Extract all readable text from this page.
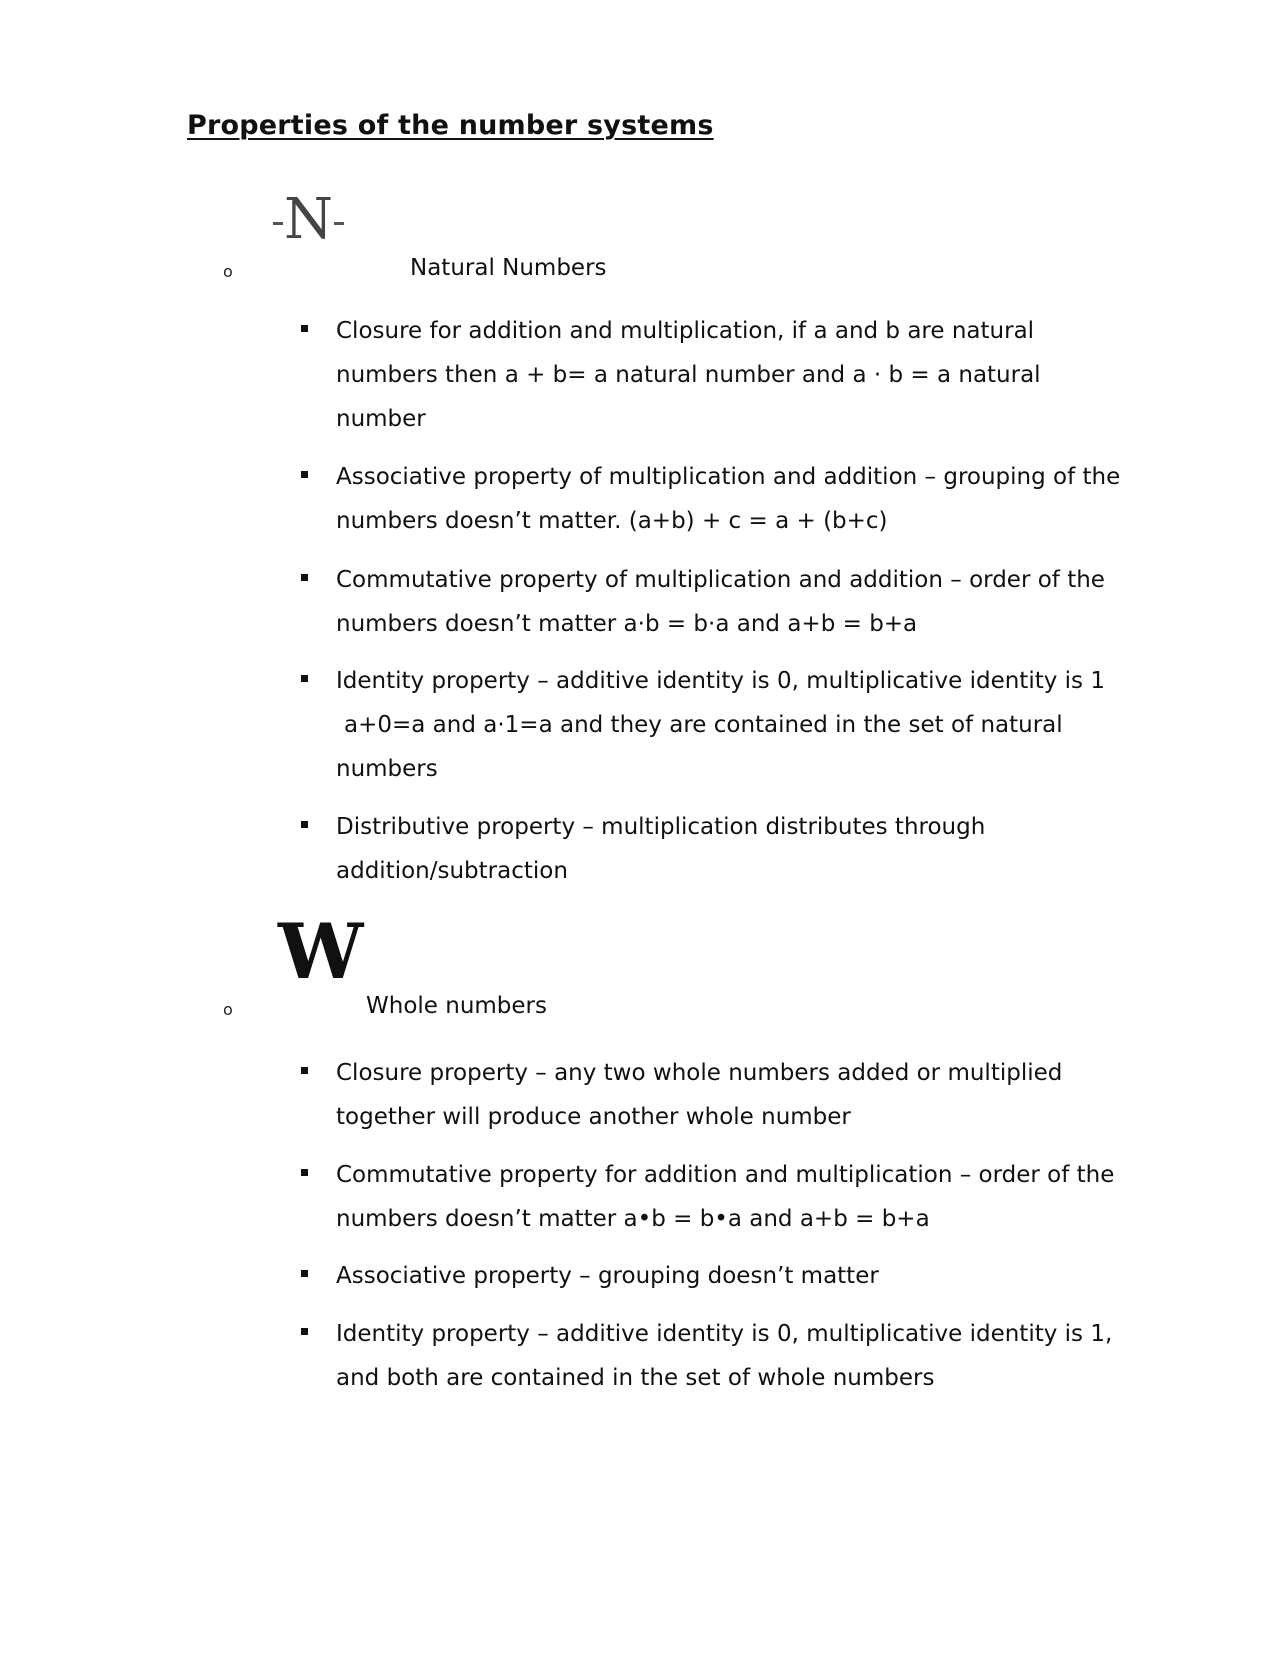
Properties of the number systems
N
o	Natural Numbers
Closure for addition and multiplication, if a and b are natural
numbers then a + b= a natural number and a · b = a natural
number
Associative property of multiplication and addition – grouping of the
numbers doesn’t matter. (a+b) + c = a + (b+c)
Commutative property of multiplication and addition – order of the
numbers doesn’t matter a·b = b·a and a+b = b+a
Identity property – additive identity is 0, multiplicative identity is 1
a+0=a and a·1=a and they are contained in the set of natural
numbers
Distributive property – multiplication distributes through
addition/subtraction
W
o	Whole numbers
Closure property – any two whole numbers added or multiplied
together will produce another whole number
Commutative property for addition and multiplication – order of the
numbers doesn’t matter a•b = b•a and a+b = b+a
Associative property – grouping doesn’t matter
Identity property – additive identity is 0, multiplicative identity is 1,
and both are contained in the set of whole numbers
